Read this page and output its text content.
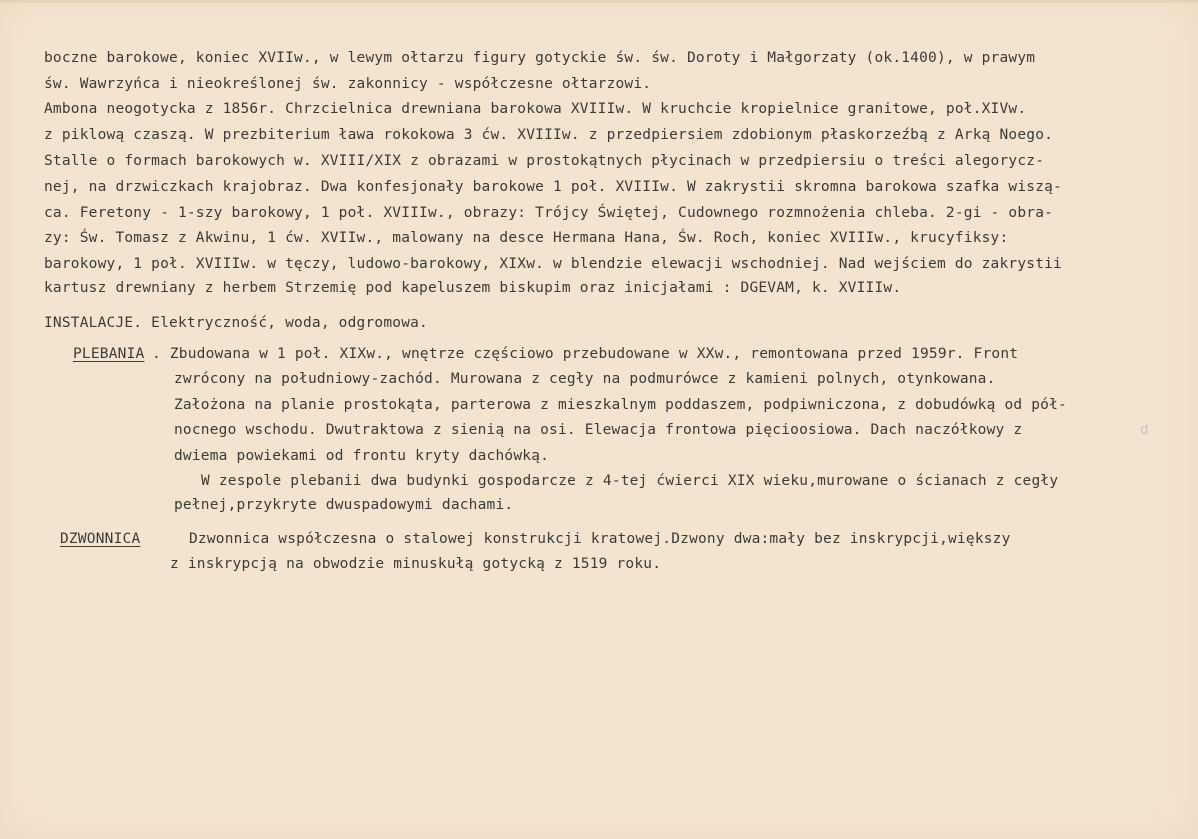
boczne barokowe, koniec XVIIw., w lewym ołtarzu figury gotyckie św. św. Doroty i Małgorzaty (ok.1400), w prawym
św. Wawrzyńca i nieokreślonej św. zakonnicy - współczesne ołtarzowi.
Ambona neogotycka z 1856r. Chrzcielnica drewniana barokowa XVIIIw. W kruchcie kropielnice granitowe, poł.XIVw.
z piklową czaszą. W prezbiterium ława rokokowa 3 ćw. XVIIIw. z przedpiersiem zdobionym płaskorzeźbą z Arką Noego.
Stalle o formach barokowych w. XVIII/XIX z obrazami w prostokątnych płycinach w przedpiersiu o treści alegorycz-
nej, na drzwiczkach krajobraz. Dwa konfesjonały barokowe 1 poł. XVIIIw. W zakrystii skromna barokowa szafka wiszą-
ca. Feretony - 1-szy barokowy, 1 poł. XVIIIw., obrazy: Trójcy Świętej, Cudownego rozmnożenia chleba. 2-gi - obra-
zy: Św. Tomasz z Akwinu, 1 ćw. XVIIw., malowany na desce Hermana Hana, Św. Roch, koniec XVIIIw., krucyfiksy:
barokowy, 1 poł. XVIIIw. w tęczy, ludowo-barokowy, XIXw. w blendzie elewacji wschodniej. Nad wejściem do zakrystii
kartusz drewniany z herbem Strzemię pod kapeluszem biskupim oraz inicjałami : DGEVAM, k. XVIIIw.
INSTALACJE. Elektryczność, woda, odgromowa.
PLEBANIA . Zbudowana w 1 poł. XIXw., wnętrze częściowo przebudowane w XXw., remontowana przed 1959r. Front
zwrócony na południowy-zachód. Murowana z cegły na podmurówce z kamieni polnych, otynkowana.
Założona na planie prostokąta, parterowa z mieszkalnym poddaszem, podpiwniczona, z dobudówką od pół-
nocnego wschodu. Dwutraktowa z sienią na osi. Elewacja frontowa pięcioosiowa. Dach naczółkowy z	d
dwiema powiekami od frontu kryty dachówką.
W zespole plebanii dwa budynki gospodarcze z 4-tej ćwierci XIX wieku,murowane o ścianach z cegły
pełnej,przykryte dwuspadowymi dachami.
DZWONNICA	Dzwonnica współczesna o stalowej konstrukcji kratowej.Dzwony dwa:mały bez inskrypcji,większy
z inskrypcją na obwodzie minuskułą gotycką z 1519 roku.
